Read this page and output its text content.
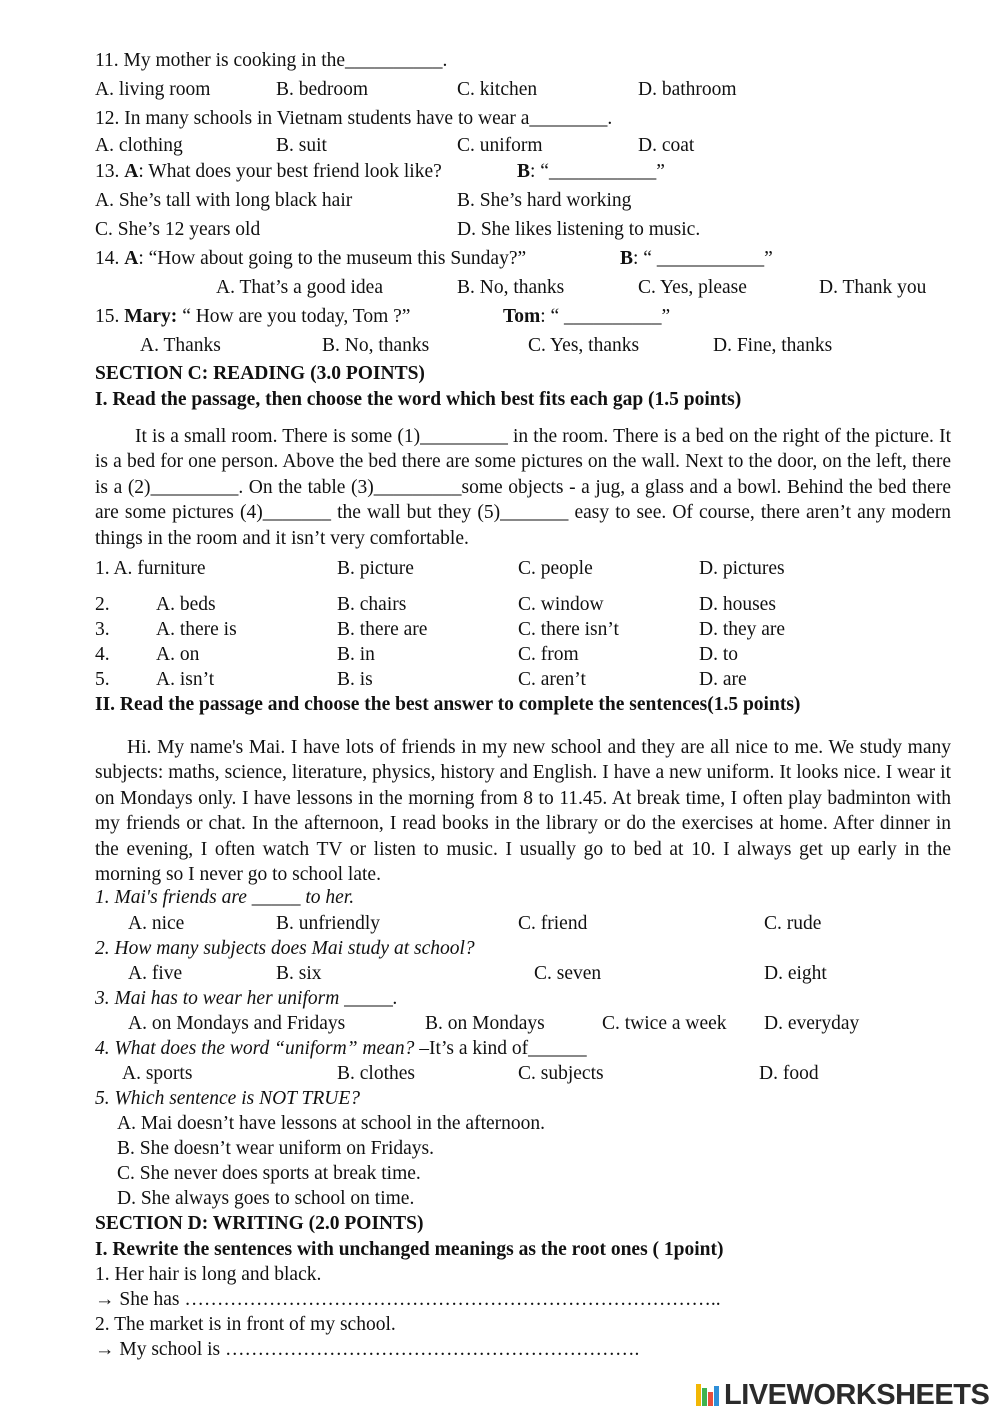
11. My mother is cooking in the__________.
A. living room	B. bedroom	C. kitchen	D. bathroom
12. In many schools in Vietnam students have to wear a________.
A. clothing	B. suit	C. uniform	D. coat
13. A: What does your best friend look like?	B: “___________”
A. She’s tall with long black hair	B. She’s hard working
C. She’s 12 years old	D. She likes listening to music.
14. A: “How about going to the museum this Sunday?”	B: “ ___________”
A. That’s a good idea	B. No, thanks	C. Yes, please	D. Thank you
15. Mary: “ How are you today, Tom ?”	Tom: “ __________”
A. Thanks	B. No, thanks	C. Yes, thanks	D. Fine, thanks
SECTION C: READING (3.0 POINTS)
I. Read the passage, then choose the word which best fits each gap (1.5 points)

It is a small room. There is some (1)_________ in the room. There is a bed on the right of the picture. It is a bed for one person. Above the bed there are some pictures on the wall. Next to the door, on the left, there is a (2)_________. On the table (3)_________some objects - a jug, a glass and a bowl. Behind the bed there are some pictures (4)_______ the wall but they (5)_______ easy to see. Of course, there aren’t any modern things in the room and it isn’t very comfortable.

1. A. furniture	B. picture	C. people	D. pictures
2. A. beds	B. chairs	C. window	D. houses
3. A. there is	B. there are	C. there isn’t	D. they are
4. A. on	B. in	C. from	D. to
5. A. isn’t	B. is	C. aren’t	D. are
II. Read the passage and choose the best answer to complete the sentences(1.5 points)

Hi. My name's Mai. I have lots of friends in my new school and they are all nice to me. We study many subjects: maths, science, literature, physics, history and English. I have a new uniform. It looks nice. I wear it on Mondays only. I have lessons in the morning from 8 to 11.45. At break time, I often play badminton with my friends or chat. In the afternoon, I read books in the library or do the exercises at home. After dinner in the evening, I often watch TV or listen to music. I usually go to bed at 10. I always get up early in the morning so I never go to school late.

1. Mai's friends are _____ to her.
A. nice	B. unfriendly	C. friend	C. rude
2. How many subjects does Mai study at school?
A. five	B. six	C. seven	D. eight
3. Mai has to wear her uniform _____.
A. on Mondays and Fridays	B. on Mondays	C. twice a week D. everyday
4. What does the word “uniform” mean? –It’s a kind of______
A. sports	B. clothes	C. subjects	D. food
5. Which sentence is NOT TRUE?
A. Mai doesn’t have lessons at school in the afternoon.
B. She doesn’t wear uniform on Fridays.
C. She never does sports at break time.
D. She always goes to school on time.
SECTION D: WRITING (2.0 POINTS)
I. Rewrite the sentences with unchanged meanings as the root ones ( 1point)
1. Her hair is long and black.
→ She has ………………………………………………………………………..
2. The market is in front of my school.
→ My school is ……………………………………………………….
LIVEWORKSHEETS
